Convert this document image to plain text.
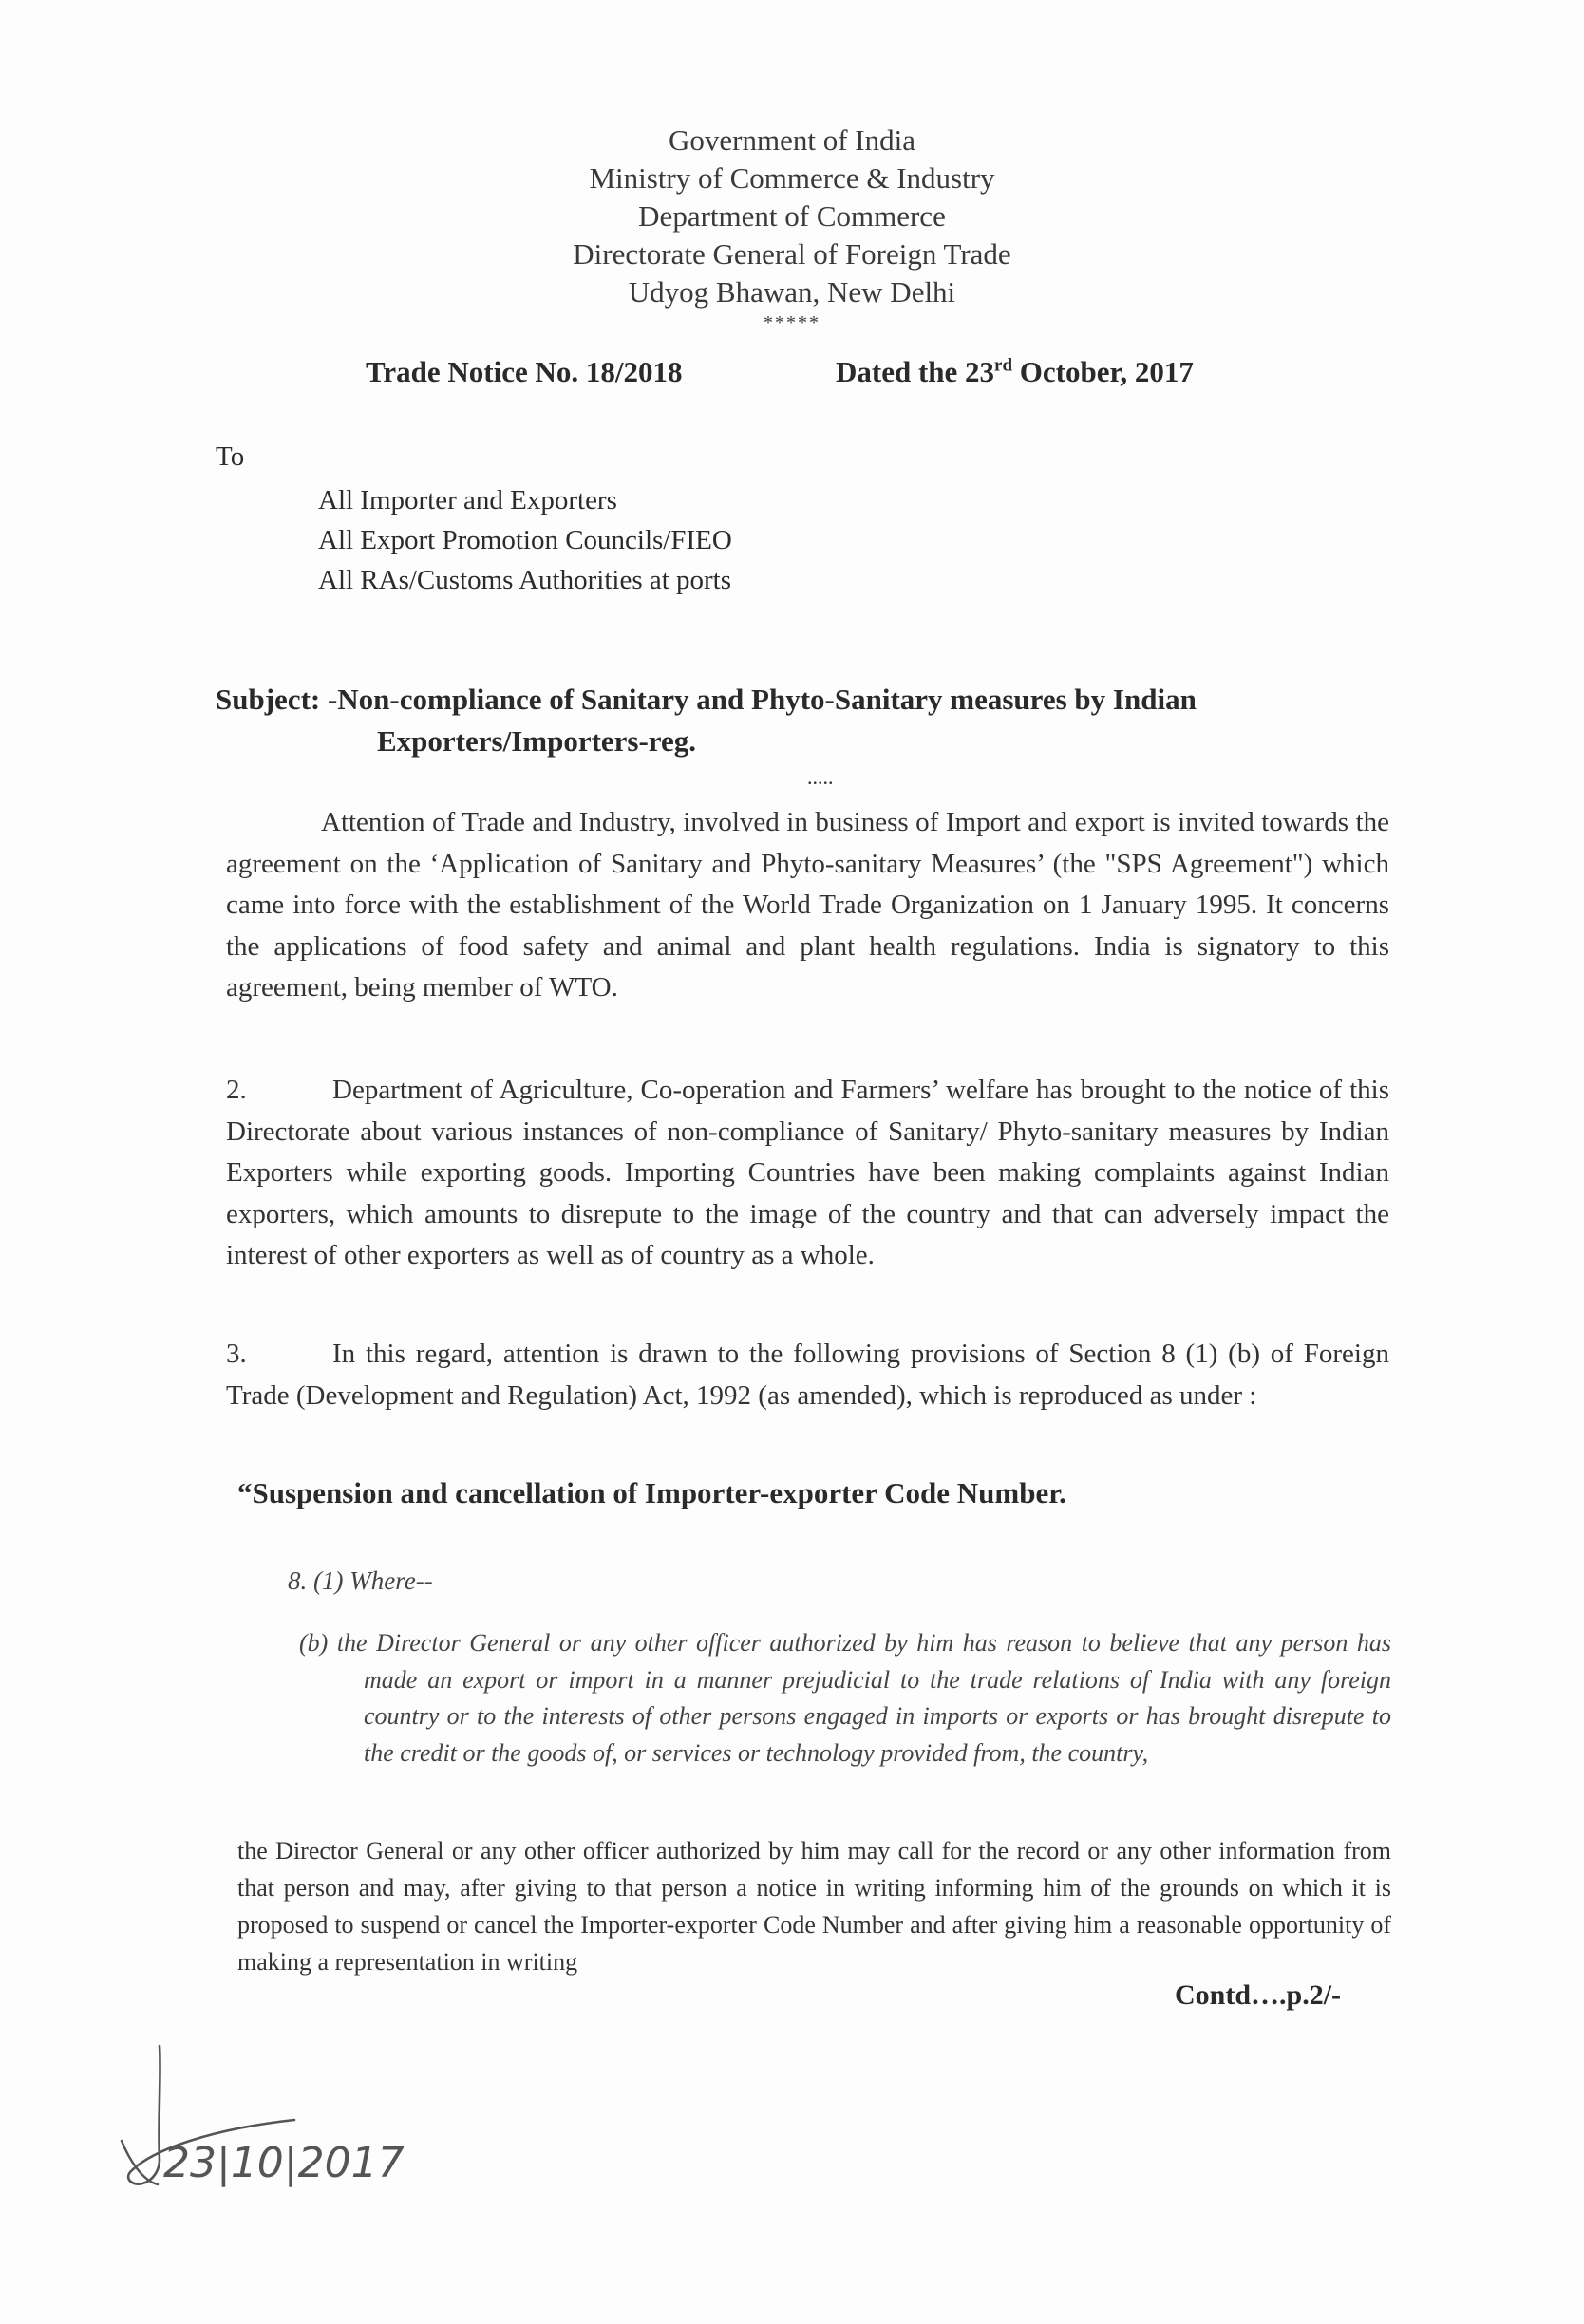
Government of India
Ministry of Commerce & Industry
Department of Commerce
Directorate General of Foreign Trade
Udyog Bhawan, New Delhi
*****
Trade Notice No. 18/2018	Dated the 23rd October, 2017
To
All Importer and Exporters
All Export Promotion Councils/FIEO
All RAs/Customs Authorities at ports
Subject: -Non-compliance of Sanitary and Phyto-Sanitary measures by Indian
Exporters/Importers-reg.
.....
Attention of Trade and Industry, involved in business of Import and export is invited towards the agreement on the ‘Application of Sanitary and Phyto-sanitary Measures’ (the "SPS Agreement") which came into force with the establishment of the World Trade Organization on 1 January 1995. It concerns the applications of food safety and animal and plant health regulations. India is signatory to this agreement, being member of WTO.
2.	Department of Agriculture, Co-operation and Farmers’ welfare has brought to the notice of this Directorate about various instances of non-compliance of Sanitary/ Phyto-sanitary measures by Indian Exporters while exporting goods. Importing Countries have been making complaints against Indian exporters, which amounts to disrepute to the image of the country and that can adversely impact the interest of other exporters as well as of country as a whole.
3.	In this regard, attention is drawn to the following provisions of Section 8 (1) (b) of Foreign Trade (Development and Regulation) Act, 1992 (as amended), which is reproduced as under :
“Suspension and cancellation of Importer-exporter Code Number.
8. (1) Where--
(b) the Director General or any other officer authorized by him has reason to believe that any person has made an export or import in a manner prejudicial to the trade relations of India with any foreign country or to the interests of other persons engaged in imports or exports or has brought disrepute to the credit or the goods of, or services or technology provided from, the country,
the Director General or any other officer authorized by him may call for the record or any other information from that person and may, after giving to that person a notice in writing informing him of the grounds on which it is proposed to suspend or cancel the Importer-exporter Code Number and after giving him a reasonable opportunity of making a representation in writing
Contd….p.2/-
23|10|2017
